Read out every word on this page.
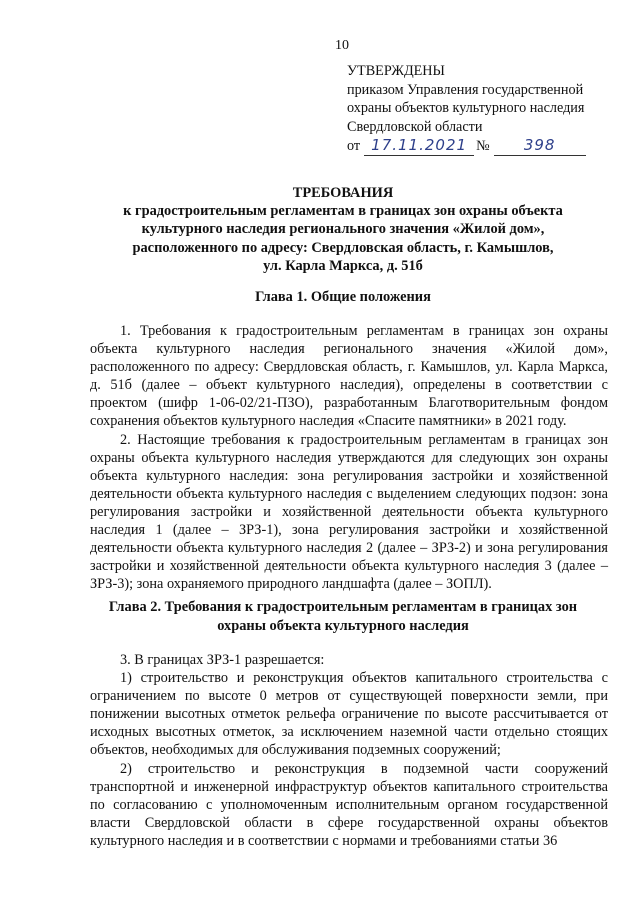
10
УТВЕРЖДЕНЫ
приказом Управления государственной
охраны объектов культурного наследия
Свердловской области
от 17.11.2021 №	398
ТРЕБОВАНИЯ
к градостроительным регламентам в границах зон охраны объекта
культурного наследия регионального значения «Жилой дом»,
расположенного по адресу: Свердловская область, г. Камышлов,
ул. Карла Маркса, д. 51б
Глава 1. Общие положения

1. Требования к градостроительным регламентам в границах зон охраны объекта культурного наследия регионального значения «Жилой дом», расположенного по адресу: Свердловская область, г. Камышлов, ул. Карла Маркса, д. 51б (далее – объект культурного наследия), определены в соответствии с проектом (шифр 1-06-02/21-ПЗО), разработанным Благотворительным фондом сохранения объектов культурного наследия «Спасите памятники» в 2021 году.

2. Настоящие требования к градостроительным регламентам в границах зон охраны объекта культурного наследия утверждаются для следующих зон охраны объекта культурного наследия: зона регулирования застройки и хозяйственной деятельности объекта культурного наследия с выделением следующих подзон: зона регулирования застройки и хозяйственной деятельности объекта культурного наследия 1 (далее – ЗРЗ-1), зона регулирования застройки и хозяйственной деятельности объекта культурного наследия 2 (далее – ЗРЗ-2) и зона регулирования застройки и хозяйственной деятельности объекта культурного наследия 3 (далее – ЗРЗ-3); зона охраняемого природного ландшафта (далее – ЗОПЛ).

Глава 2. Требования к градостроительным регламентам в границах зон
охраны объекта культурного наследия

3. В границах ЗРЗ-1 разрешается:

1) строительство и реконструкция объектов капитального строительства с ограничением по высоте 0 метров от существующей поверхности земли, при понижении высотных отметок рельефа ограничение по высоте рассчитывается от исходных высотных отметок, за исключением наземной части отдельно стоящих объектов, необходимых для обслуживания подземных сооружений;

2) строительство и реконструкция в подземной части сооружений транспортной и инженерной инфраструктур объектов капитального строительства по согласованию с уполномоченным исполнительным органом государственной власти Свердловской области в сфере государственной охраны объектов культурного наследия и в соответствии с нормами и требованиями статьи 36
